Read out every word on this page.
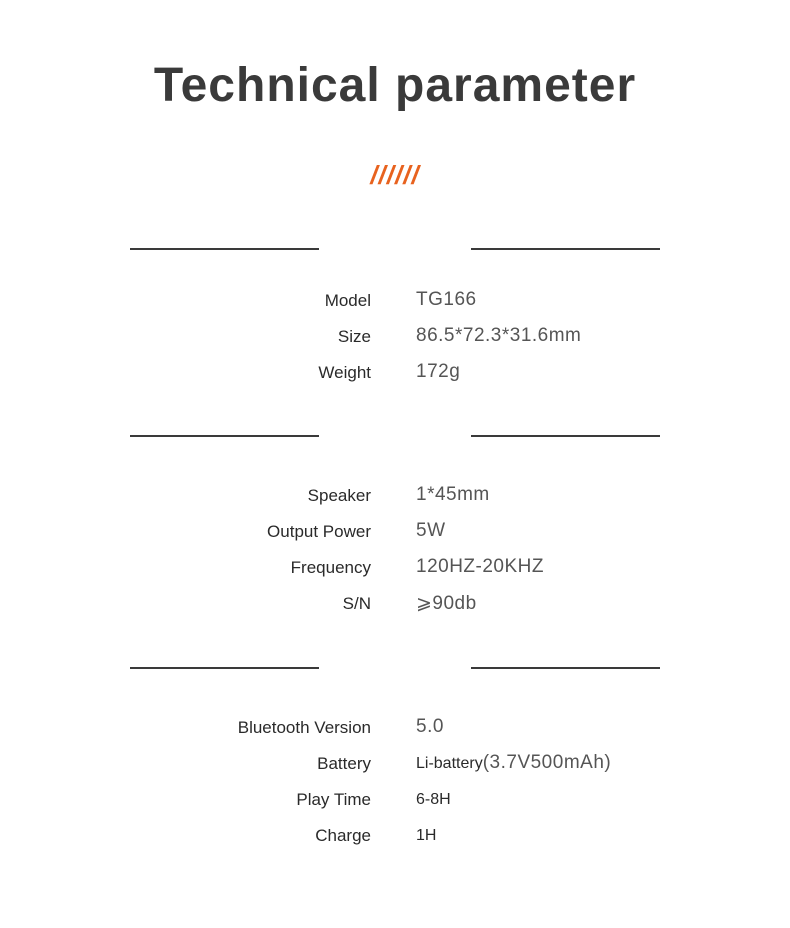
Technical parameter
//////
Model TG166
Size 86.5*72.3*31.6mm
Weight 172g
Speaker 1*45mm
Output Power 5W
Frequency 120HZ-20KHZ
S/N ⩾90db
Bluetooth Version 5.0
Battery	Li-battery(3.7V500mAh)
Play Time	6-8H
Charge	1H
